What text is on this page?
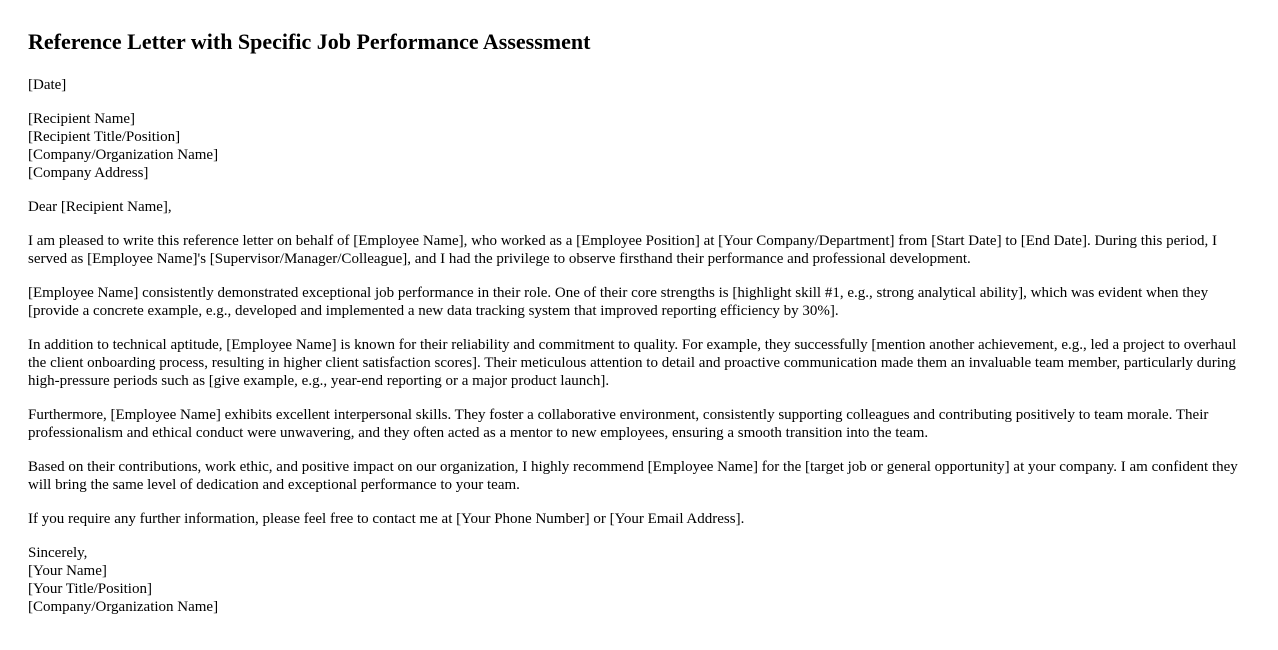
Reference Letter with Specific Job Performance Assessment

[Date]

[Recipient Name]
[Recipient Title/Position]
[Company/Organization Name]
[Company Address]

Dear [Recipient Name],

I am pleased to write this reference letter on behalf of [Employee Name], who worked as a [Employee Position] at [Your Company/Department] from [Start Date] to [End Date]. During this period, I served as [Employee Name]'s [Supervisor/Manager/Colleague], and I had the privilege to observe firsthand their performance and professional development.

[Employee Name] consistently demonstrated exceptional job performance in their role. One of their core strengths is [highlight skill #1, e.g., strong analytical ability], which was evident when they [provide a concrete example, e.g., developed and implemented a new data tracking system that improved reporting efficiency by 30%].

In addition to technical aptitude, [Employee Name] is known for their reliability and commitment to quality. For example, they successfully [mention another achievement, e.g., led a project to overhaul the client onboarding process, resulting in higher client satisfaction scores]. Their meticulous attention to detail and proactive communication made them an invaluable team member, particularly during high-pressure periods such as [give example, e.g., year-end reporting or a major product launch].

Furthermore, [Employee Name] exhibits excellent interpersonal skills. They foster a collaborative environment, consistently supporting colleagues and contributing positively to team morale. Their professionalism and ethical conduct were unwavering, and they often acted as a mentor to new employees, ensuring a smooth transition into the team.

Based on their contributions, work ethic, and positive impact on our organization, I highly recommend [Employee Name] for the [target job or general opportunity] at your company. I am confident they will bring the same level of dedication and exceptional performance to your team.

If you require any further information, please feel free to contact me at [Your Phone Number] or [Your Email Address].

Sincerely,
[Your Name]
[Your Title/Position]
[Company/Organization Name]
